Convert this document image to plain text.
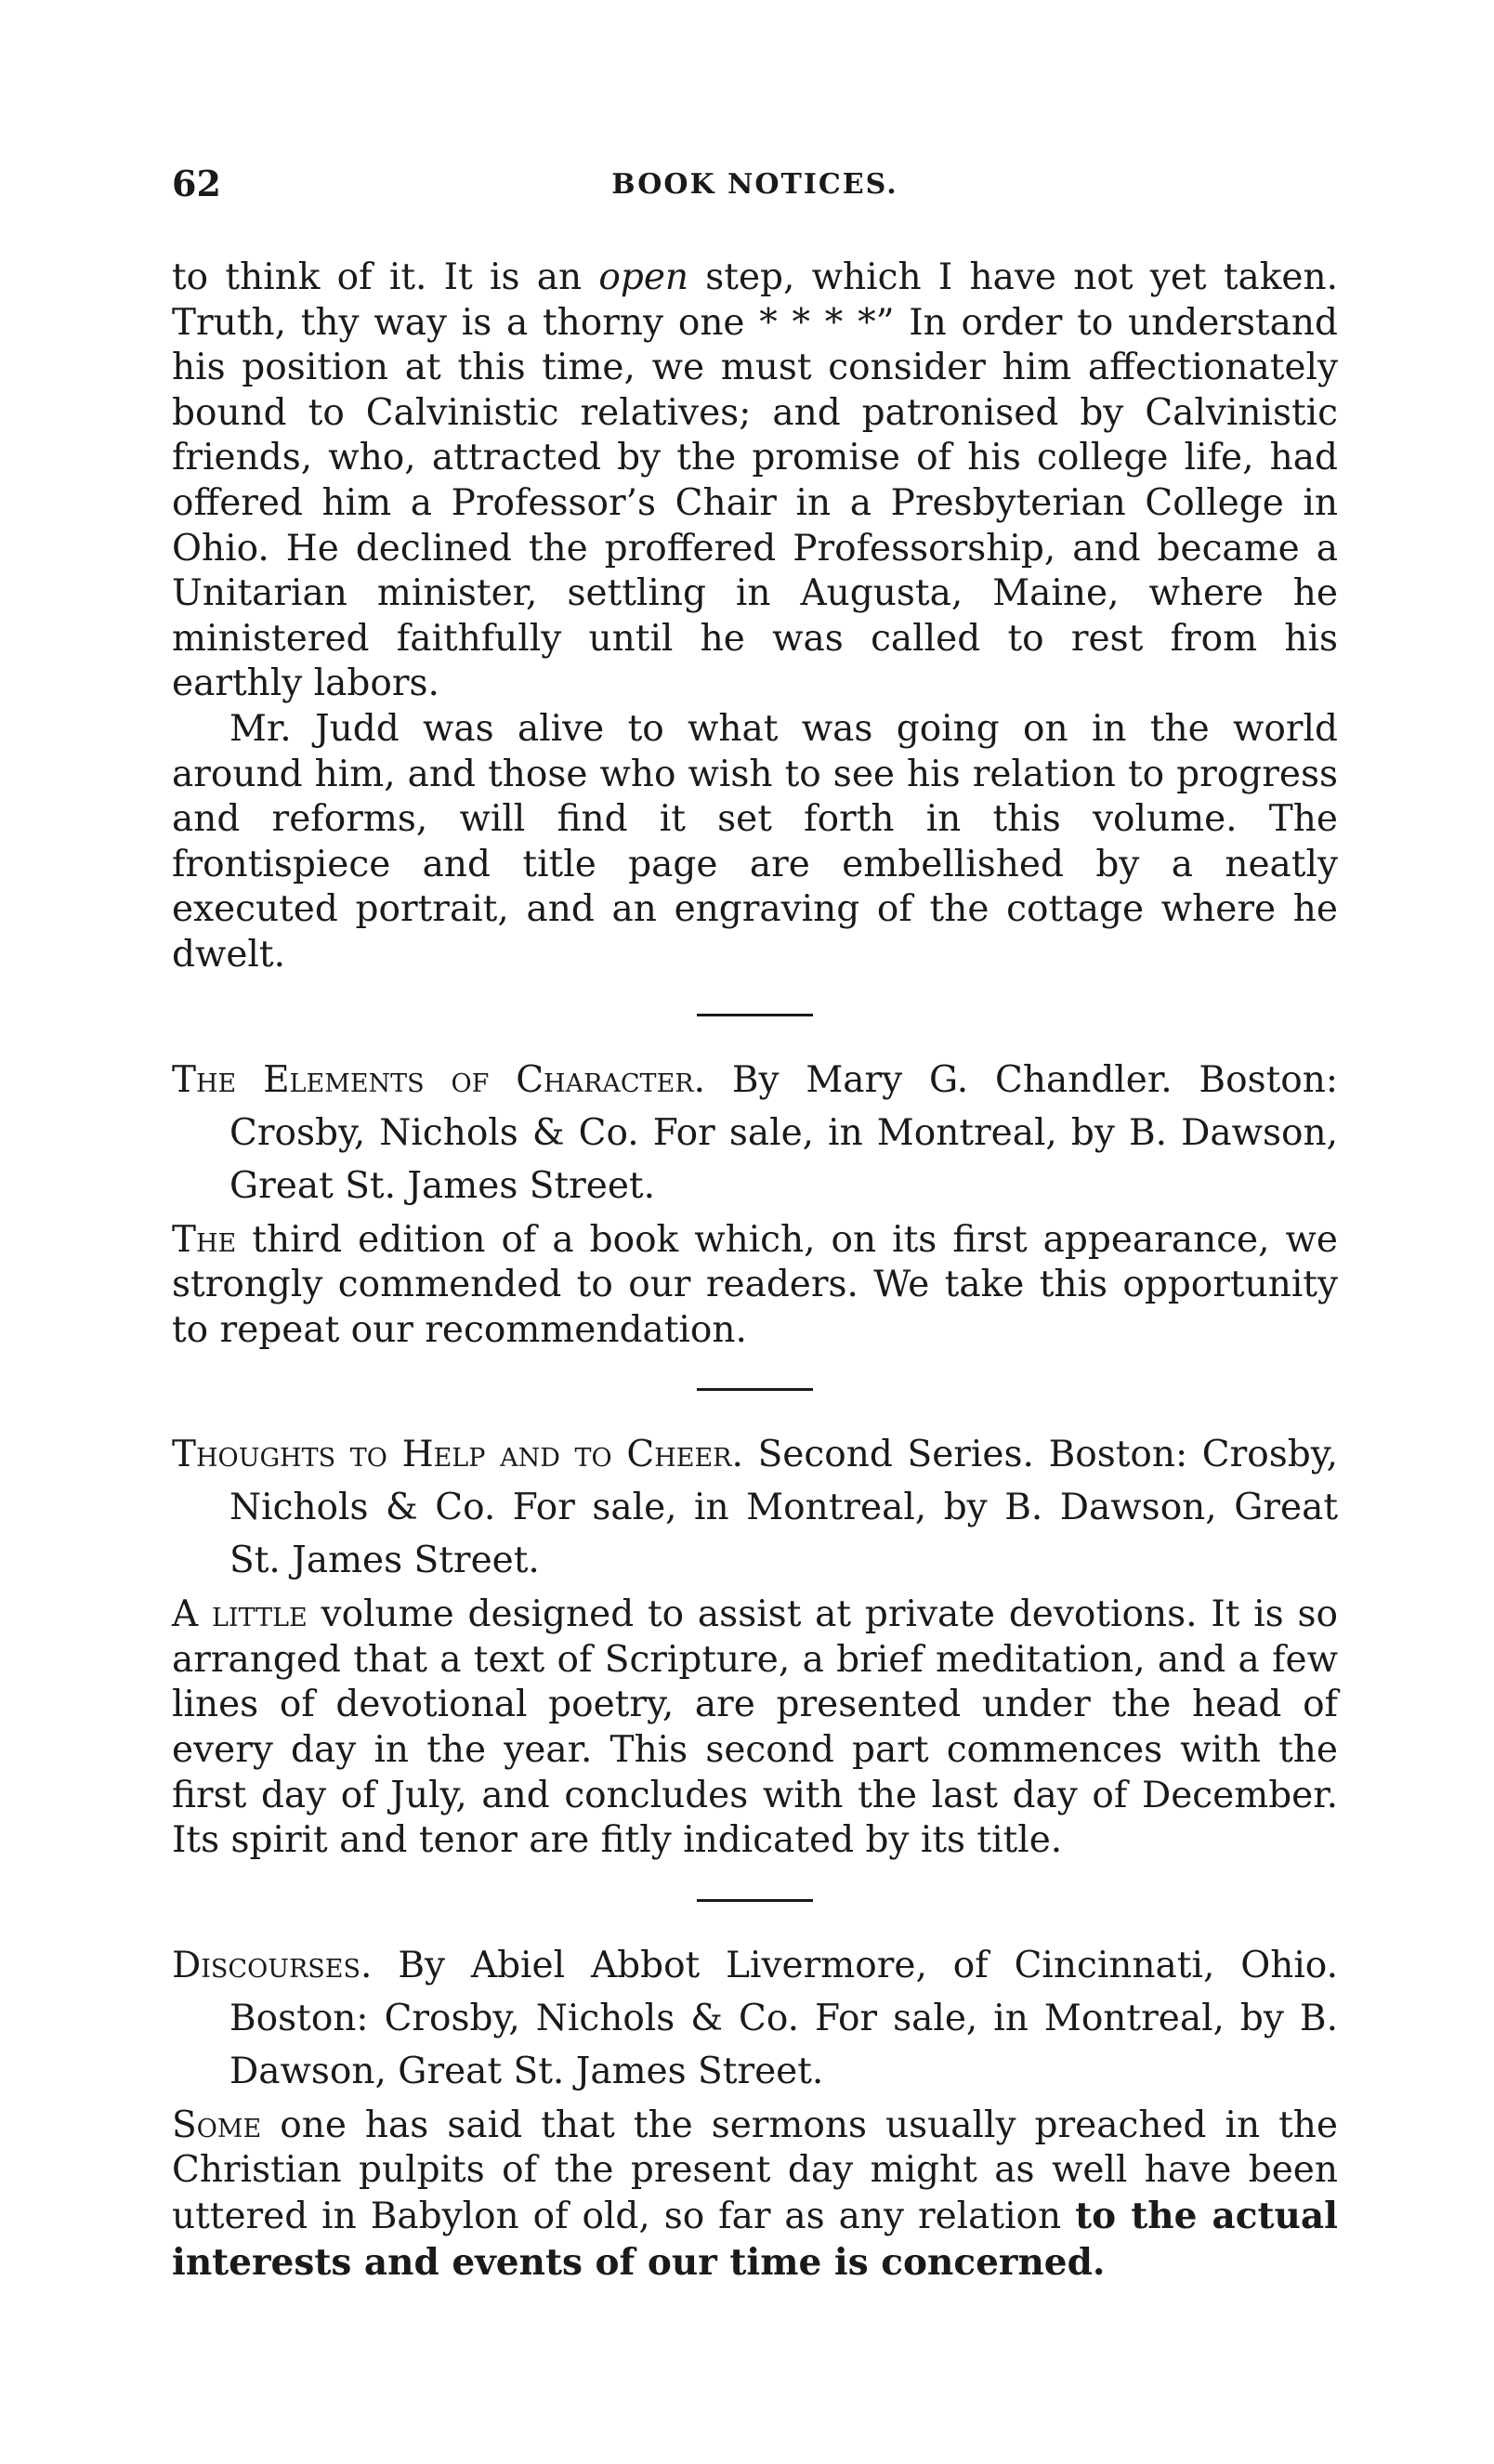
62	BOOK NOTICES.

to think of it. It is an open step, which I have not yet taken. Truth, thy way is a thorny one * * * *” In order to understand his position at this time, we must consider him affectionately bound to Calvinistic relatives; and patronised by Calvinistic friends, who, attracted by the promise of his college life, had offered him a Professor’s Chair in a Presbyterian College in Ohio. He declined the proffered Professorship, and became a Unitarian minister, settling in Augusta, Maine, where he ministered faithfully until he was called to rest from his earthly labors.

Mr. Judd was alive to what was going on in the world around him, and those who wish to see his relation to progress and reforms, will find it set forth in this volume. The frontispiece and title page are embellished by a neatly executed portrait, and an engraving of the cottage where he dwelt.

The Elements of Character. By Mary G. Chandler. Boston: Crosby, Nichols & Co. For sale, in Montreal, by B. Dawson, Great St. James Street.

The third edition of a book which, on its first appearance, we strongly commended to our readers. We take this opportunity to repeat our recommendation.

Thoughts to Help and to Cheer. Second Series. Boston: Crosby, Nichols & Co. For sale, in Montreal, by B. Dawson, Great St. James Street.

A little volume designed to assist at private devotions. It is so arranged that a text of Scripture, a brief meditation, and a few lines of devotional poetry, are presented under the head of every day in the year. This second part commences with the first day of July, and concludes with the last day of December. Its spirit and tenor are fitly indicated by its title.

Discourses. By Abiel Abbot Livermore, of Cincinnati, Ohio. Boston: Crosby, Nichols & Co. For sale, in Montreal, by B. Dawson, Great St. James Street.

Some one has said that the sermons usually preached in the Christian pulpits of the present day might as well have been uttered in Babylon of old, so far as any relation to the actual interests and events of our time is concerned.
